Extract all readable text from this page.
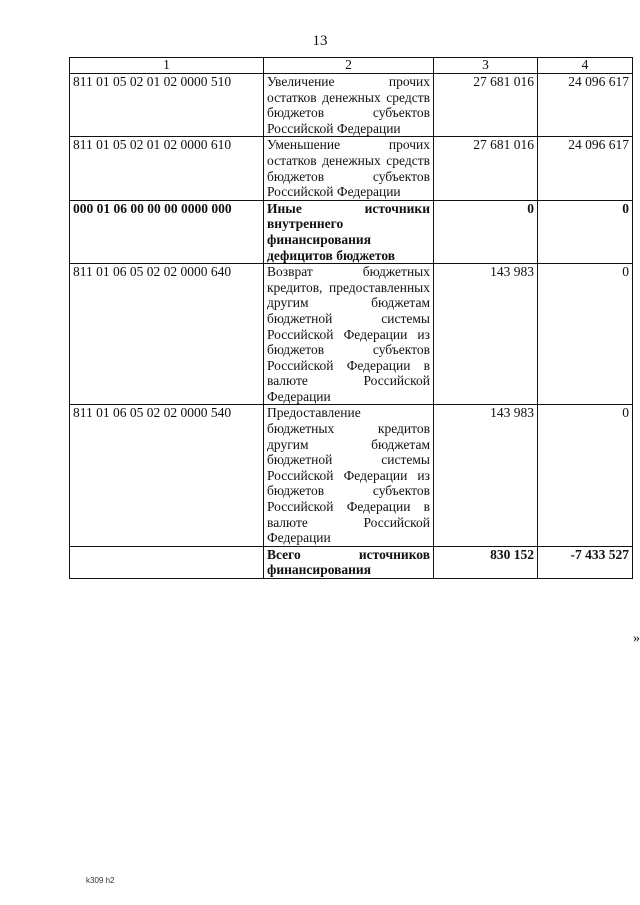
13
1	2	3	4
811 01 05 02 01 02 0000 510	Увеличение прочих остатков денежных средств бюджетов субъектов Российской Федерации	27 681 016	24 096 617
811 01 05 02 01 02 0000 610	Уменьшение прочих остатков денежных средств бюджетов субъектов Российской Федерации	27 681 016	24 096 617
000 01 06 00 00 00 0000 000	Иные источники внутреннего финансирования дефицитов бюджетов	0	0
811 01 06 05 02 02 0000 640	Возврат бюджетных кредитов, предоставленных другим бюджетам бюджетной системы Российской Федерации из бюджетов субъектов Российской Федерации в валюте Российской Федерации	143 983	0
811 01 06 05 02 02 0000 540	Предоставление бюджетных кредитов другим бюджетам бюджетной системы Российской Федерации из бюджетов субъектов Российской Федерации в валюте Российской Федерации	143 983	0
	Всего источников финансирования	830 152	-7 433 527
»
k309 h2
